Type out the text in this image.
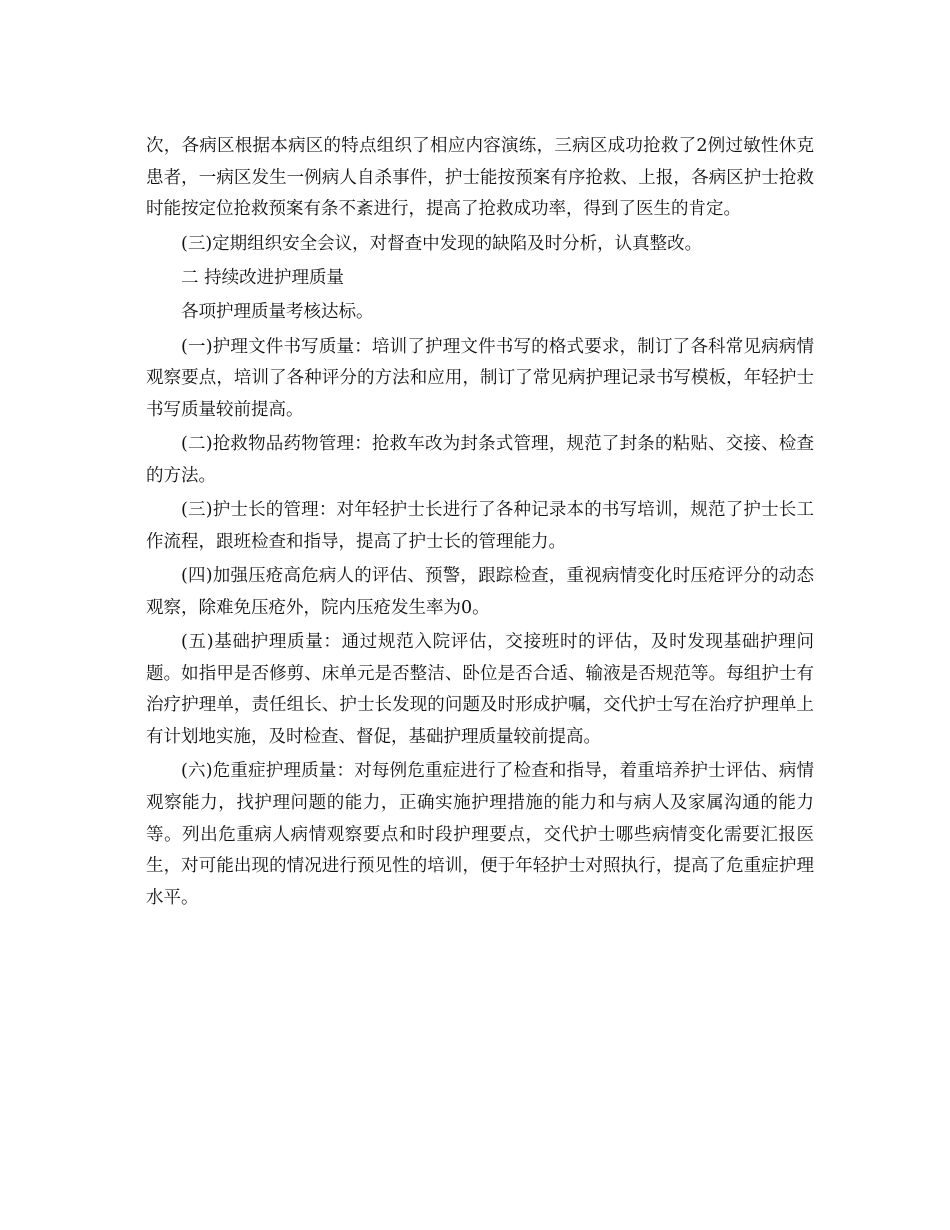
次，各病区根据本病区的特点组织了相应内容演练，三病区成功抢救了2例过敏性休克患者，一病区发生一例病人自杀事件，护士能按预案有序抢救、上报，各病区护士抢救时能按定位抢救预案有条不紊进行，提高了抢救成功率，得到了医生的肯定。

(三)定期组织安全会议，对督查中发现的缺陷及时分析，认真整改。

二 持续改进护理质量

各项护理质量考核达标。

(一)护理文件书写质量：培训了护理文件书写的格式要求，制订了各科常见病病情观察要点，培训了各种评分的方法和应用，制订了常见病护理记录书写模板，年轻护士书写质量较前提高。

(二)抢救物品药物管理：抢救车改为封条式管理，规范了封条的粘贴、交接、检查的方法。

(三)护士长的管理：对年轻护士长进行了各种记录本的书写培训，规范了护士长工作流程，跟班检查和指导，提高了护士长的管理能力。

(四)加强压疮高危病人的评估、预警，跟踪检查，重视病情变化时压疮评分的动态观察，除难免压疮外，院内压疮发生率为0。

(五)基础护理质量：通过规范入院评估，交接班时的评估，及时发现基础护理问题。如指甲是否修剪、床单元是否整洁、卧位是否合适、输液是否规范等。每组护士有治疗护理单，责任组长、护士长发现的问题及时形成护嘱，交代护士写在治疗护理单上有计划地实施，及时检查、督促，基础护理质量较前提高。

(六)危重症护理质量：对每例危重症进行了检查和指导，着重培养护士评估、病情观察能力，找护理问题的能力，正确实施护理措施的能力和与病人及家属沟通的能力等。列出危重病人病情观察要点和时段护理要点，交代护士哪些病情变化需要汇报医生，对可能出现的情况进行预见性的培训，便于年轻护士对照执行，提高了危重症护理水平。
